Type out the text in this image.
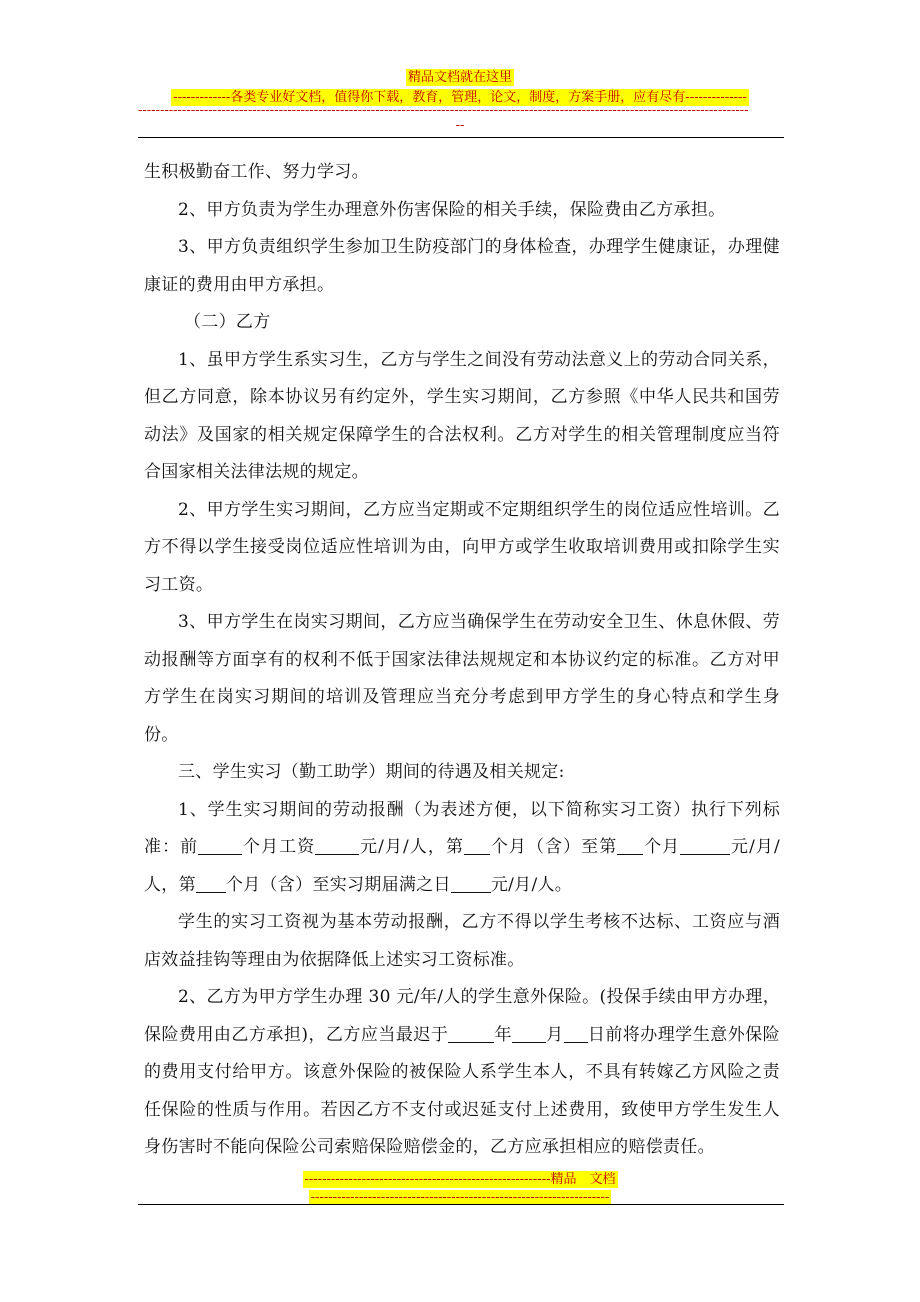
精品文档就在这里
-------------各类专业好文档，值得你下载，教育，管理，论文，制度，方案手册，应有尽有--------------
-------------------------------------------------------------------------------------------------------------------------------------------
--

生积极勤奋工作、努力学习。

2、甲方负责为学生办理意外伤害保险的相关手续，保险费由乙方承担。

3、甲方负责组织学生参加卫生防疫部门的身体检查，办理学生健康证，办理健康证的费用由甲方承担。

（二）乙方

1、虽甲方学生系实习生，乙方与学生之间没有劳动法意义上的劳动合同关系，但乙方同意，除本协议另有约定外，学生实习期间，乙方参照《中华人民共和国劳动法》及国家的相关规定保障学生的合法权利。乙方对学生的相关管理制度应当符合国家相关法律法规的规定。

2、甲方学生实习期间，乙方应当定期或不定期组织学生的岗位适应性培训。乙方不得以学生接受岗位适应性培训为由，向甲方或学生收取培训费用或扣除学生实习工资。

3、甲方学生在岗实习期间，乙方应当确保学生在劳动安全卫生、休息休假、劳动报酬等方面享有的权利不低于国家法律法规规定和本协议约定的标准。乙方对甲方学生在岗实习期间的培训及管理应当充分考虑到甲方学生的身心特点和学生身份。

三、学生实习（勤工助学）期间的待遇及相关规定:

1、学生实习期间的劳动报酬（为表述方便，以下简称实习工资）执行下列标准：前	个月工资	元/月/人，第 个月（含）至第 个月	元/月/人，第 个月（含）至实习期届满之日 元/月/人。

学生的实习工资视为基本劳动报酬，乙方不得以学生考核不达标、工资应与酒店效益挂钩等理由为依据降低上述实习工资标准。

2、乙方为甲方学生办理 30 元/年/人的学生意外保险。(投保手续由甲方办理，保险费用由乙方承担)，乙方应当最迟于	年 月 日前将办理学生意外保险的费用支付给甲方。该意外保险的被保险人系学生本人，不具有转嫁乙方风险之责任保险的性质与作用。若因乙方不支付或迟延支付上述费用，致使甲方学生发生人身伤害时不能向保险公司索赔保险赔偿金的，乙方应承担相应的赔偿责任。

--------------------------------------------------------精品　文档
--------------------------------------------------------------------
